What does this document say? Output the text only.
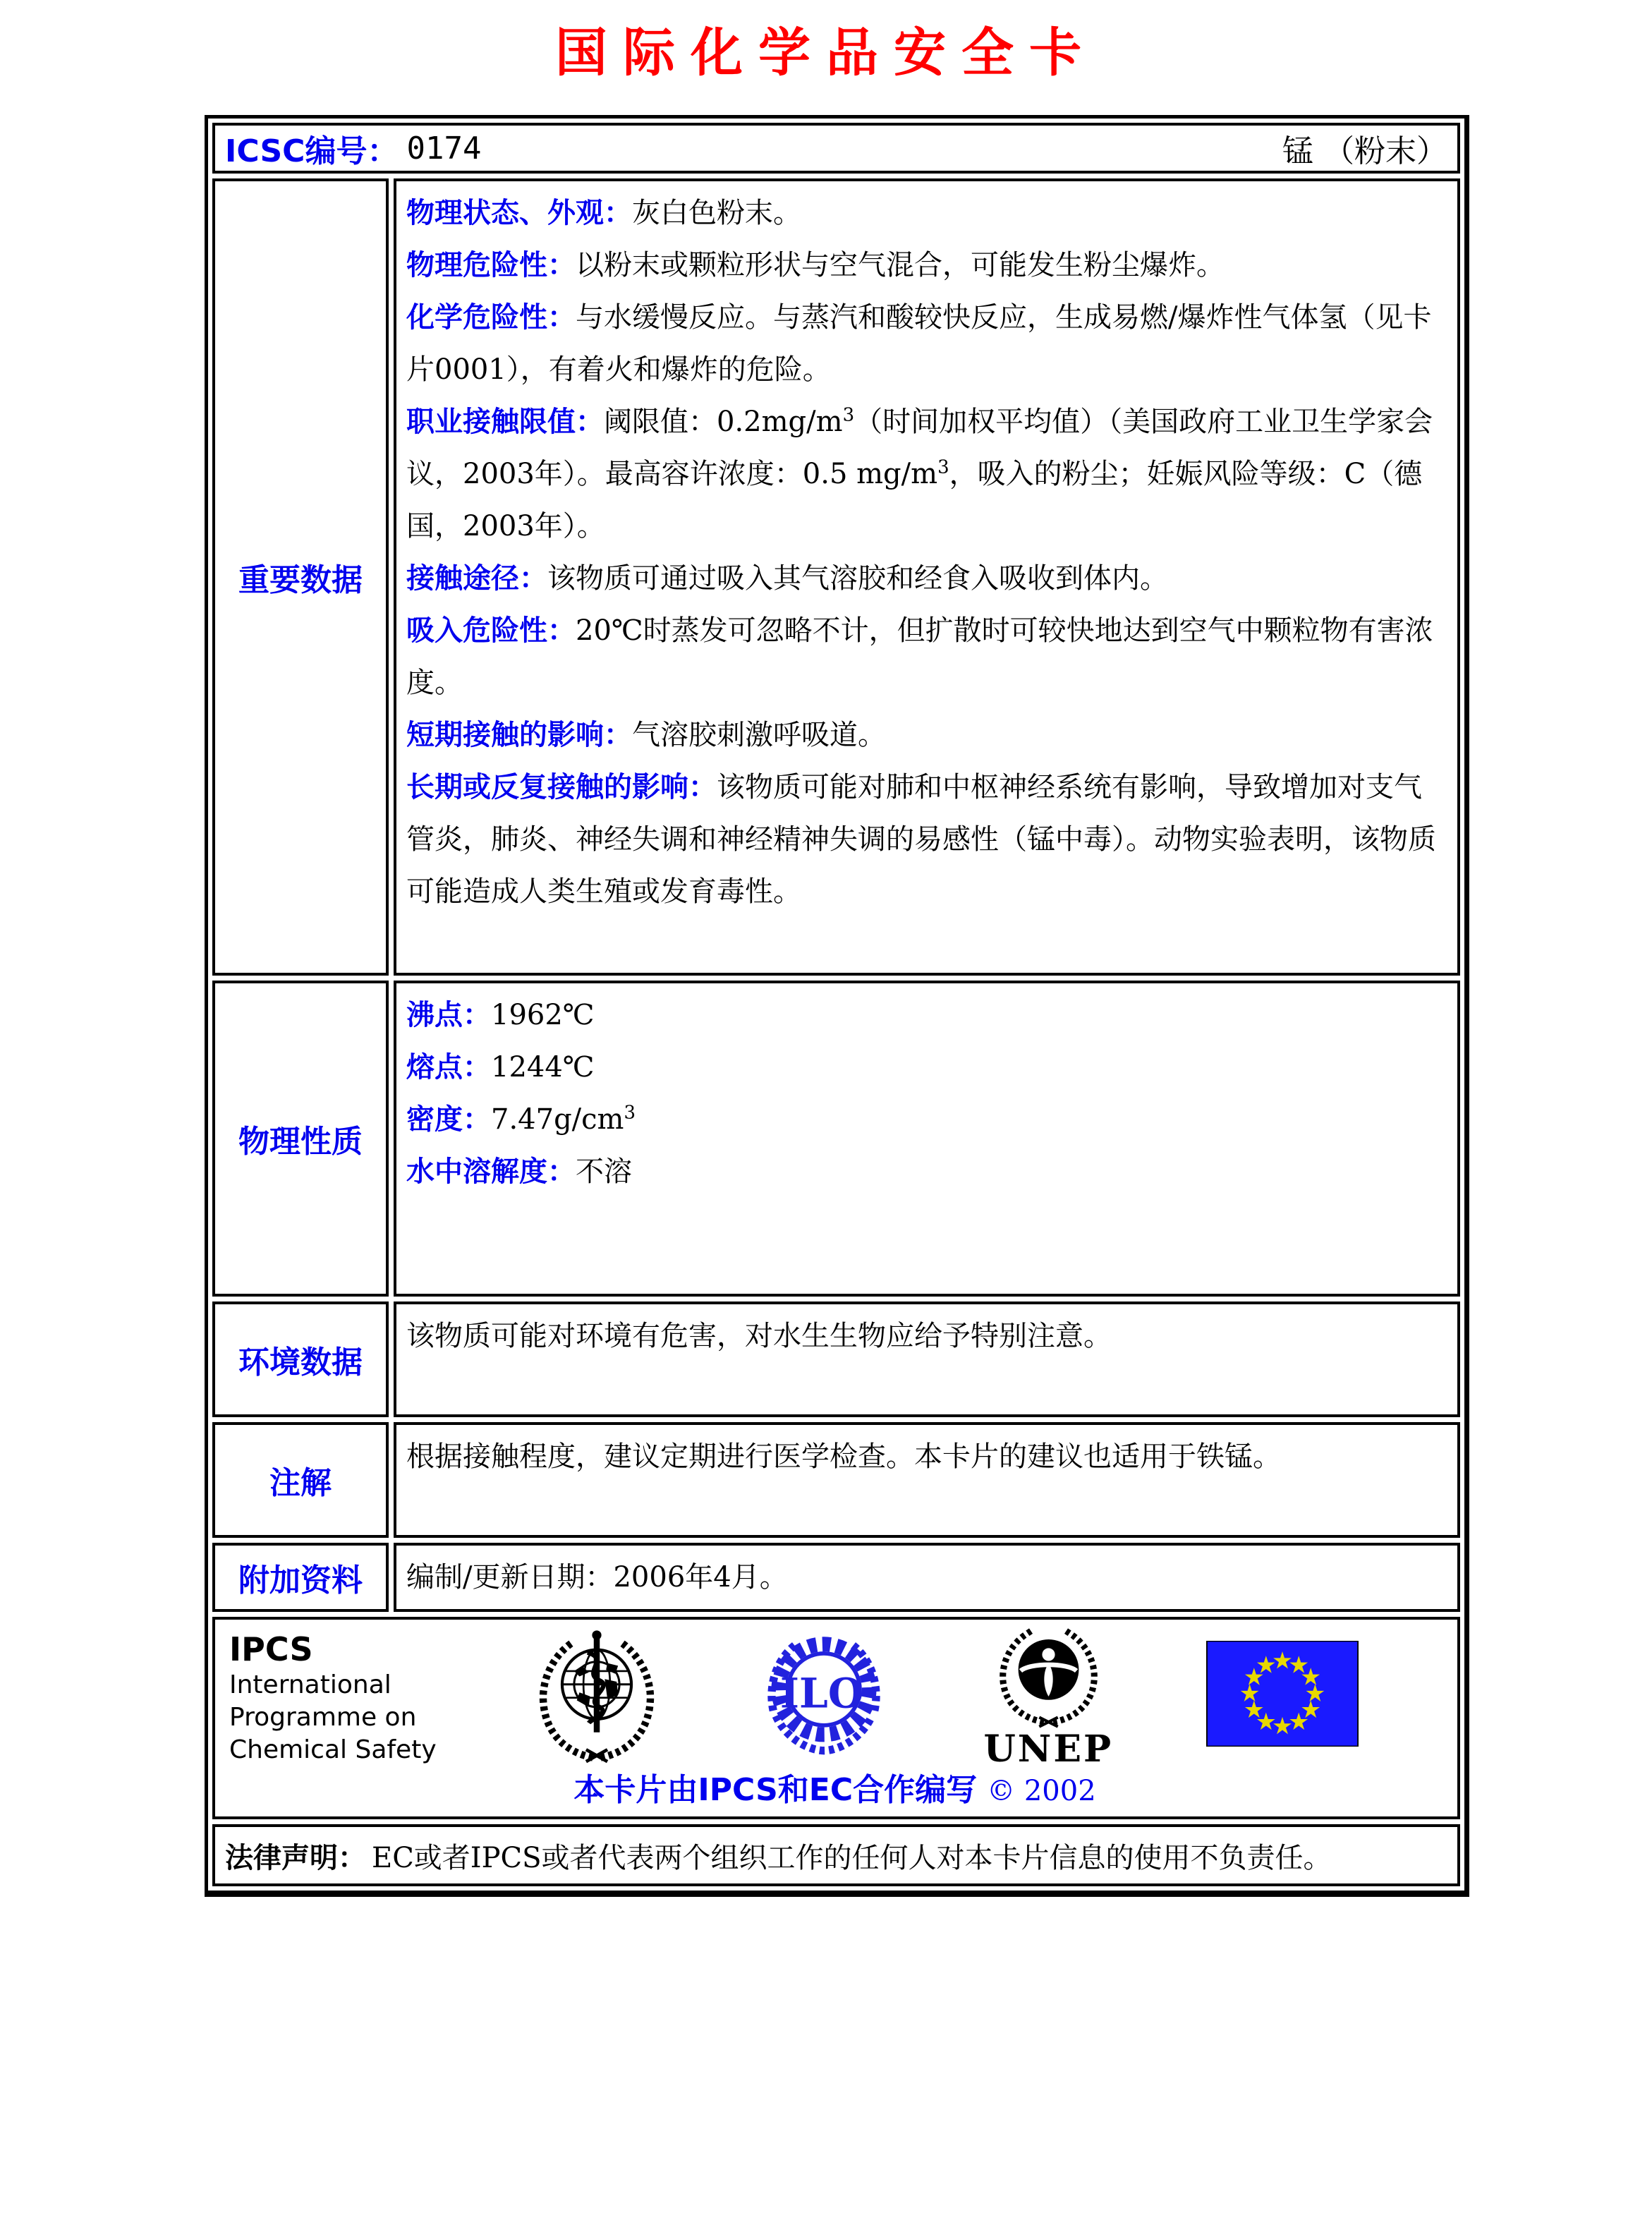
国际化学品安全卡
ICSC编号： 0174	锰 （粉末）
重要数据
物理状态、外观：灰白色粉末。
物理危险性：以粉末或颗粒形状与空气混合，可能发生粉尘爆炸。
化学危险性：与水缓慢反应。与蒸汽和酸较快反应，生成易燃/爆炸性气体氢（见卡片0001），有着火和爆炸的危险。
职业接触限值：阈限值：$0.2mg/m^3$（时间加权平均值）（美国政府工业卫生学家会议，2003年）。最高容许浓度：0.5 $mg/m^3$，吸入的粉尘；妊娠风险等级：C（德国，2003年）。
接触途径：该物质可通过吸入其气溶胶和经食入吸收到体内。
吸入危险性：20℃时蒸发可忽略不计，但扩散时可较快地达到空气中颗粒物有害浓度。
短期接触的影响：气溶胶刺激呼吸道。
长期或反复接触的影响：该物质可能对肺和中枢神经系统有影响，导致增加对支气管炎，肺炎、神经失调和神经精神失调的易感性（锰中毒）。动物实验表明，该物质可能造成人类生殖或发育毒性。
物理性质
沸点：1962℃
熔点：1244℃
密度：$7.47g/cm^3$
水中溶解度：不溶
环境数据
该物质可能对环境有危害，对水生生物应给予特别注意。
注解
根据接触程度，建议定期进行医学检查。本卡片的建议也适用于铁锰。
附加资料	编制/更新日期：2006年4月。
IPCS
International
Programme on
Chemical Safety
ILO
UNEP
本卡片由IPCS和EC合作编写 © 2002
法律声明： EC或者IPCS或者代表两个组织工作的任何人对本卡片信息的使用不负责任。
